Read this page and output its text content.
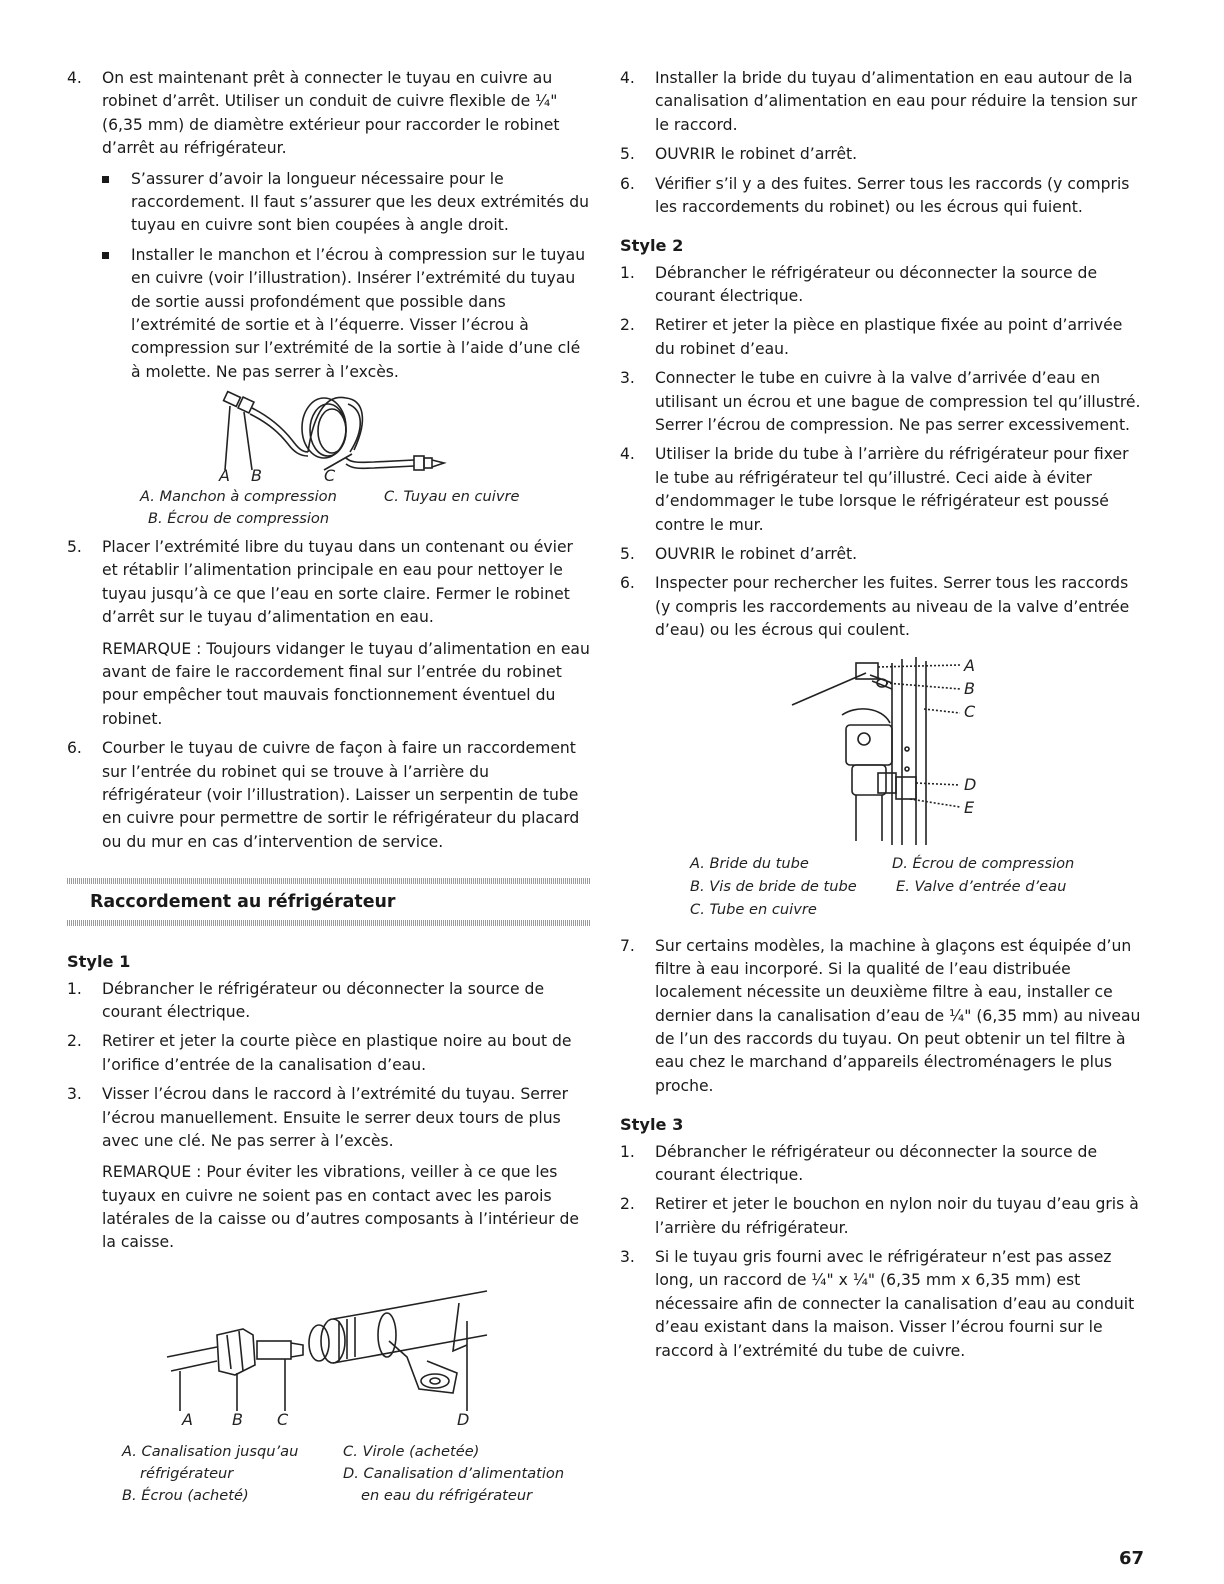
4. On est maintenant prêt à connecter le tuyau en cuivre au robinet d’arrêt. Utiliser un conduit de cuivre flexible de ¼" (6,35 mm) de diamètre extérieur pour raccorder le robinet d’arrêt au réfrigérateur.

S’assurer d’avoir la longueur nécessaire pour le raccordement. Il faut s’assurer que les deux extrémités du tuyau en cuivre sont bien coupées à angle droit.
Installer le manchon et l’écrou à compression sur le tuyau en cuivre (voir l’illustration). Insérer l’extrémité du tuyau de sortie aussi profondément que possible dans l’extrémité de sortie et à l’équerre. Visser l’écrou à compression sur l’extrémité de la sortie à l’aide d’une clé à molette. Ne pas serrer à l’excès.
A B	C
A. Manchon à compression
B. Écrou de compression
C. Tuyau en cuivre
5. Placer l’extrémité libre du tuyau dans un contenant ou évier et rétablir l’alimentation principale en eau pour nettoyer le tuyau jusqu’à ce que l’eau en sorte claire. Fermer le robinet d’arrêt sur le tuyau d’alimentation en eau.

REMARQUE : Toujours vidanger le tuyau d’alimentation en eau avant de faire le raccordement final sur l’entrée du robinet pour empêcher tout mauvais fonctionnement éventuel du robinet.

6. Courber le tuyau de cuivre de façon à faire un raccordement sur l’entrée du robinet qui se trouve à l’arrière du réfrigérateur (voir l’illustration). Laisser un serpentin de tube en cuivre pour permettre de sortir le réfrigérateur du placard ou du mur en cas d’intervention de service.

Raccordement au réfrigérateur
Style 1
1. Débrancher le réfrigérateur ou déconnecter la source de courant électrique.

2. Retirer et jeter la courte pièce en plastique noire au bout de l’orifice d’entrée de la canalisation d’eau.

3. Visser l’écrou dans le raccord à l’extrémité du tuyau. Serrer l’écrou manuellement. Ensuite le serrer deux tours de plus avec une clé. Ne pas serrer à l’excès.

REMARQUE : Pour éviter les vibrations, veiller à ce que les tuyaux en cuivre ne soient pas en contact avec les parois latérales de la caisse ou d’autres composants à l’intérieur de la caisse.

A B C	D
A. Canalisation jusqu’au
réfrigérateur
B. Écrou (acheté)
C. Virole (achetée)
D. Canalisation d’alimentation
en eau du réfrigérateur
4. Installer la bride du tuyau d’alimentation en eau autour de la canalisation d’alimentation en eau pour réduire la tension sur le raccord.

5. OUVRIR le robinet d’arrêt.

6. Vérifier s’il y a des fuites. Serrer tous les raccords (y compris les raccordements du robinet) ou les écrous qui fuient.

Style 2
1. Débrancher le réfrigérateur ou déconnecter la source de courant électrique.

2. Retirer et jeter la pièce en plastique fixée au point d’arrivée du robinet d’eau.

3. Connecter le tube en cuivre à la valve d’arrivée d’eau en utilisant un écrou et une bague de compression tel qu’illustré. Serrer l’écrou de compression. Ne pas serrer excessivement.

4. Utiliser la bride du tube à l’arrière du réfrigérateur pour fixer le tube au réfrigérateur tel qu’illustré. Ceci aide à éviter d’endommager le tube lorsque le réfrigérateur est poussé contre le mur.

5. OUVRIR le robinet d’arrêt.

6. Inspecter pour rechercher les fuites. Serrer tous les raccords (y compris les raccordements au niveau de la valve d’entrée d’eau) ou les écrous qui coulent.

A
B
C
D
E
A. Bride du tube
B. Vis de bride de tube
C. Tube en cuivre
D. Écrou de compression
E. Valve d’entrée d’eau
7. Sur certains modèles, la machine à glaçons est équipée d’un filtre à eau incorporé. Si la qualité de l’eau distribuée localement nécessite un deuxième filtre à eau, installer ce dernier dans la canalisation d’eau de ¼" (6,35 mm) au niveau de l’un des raccords du tuyau. On peut obtenir un tel filtre à eau chez le marchand d’appareils électroménagers le plus proche.

Style 3
1. Débrancher le réfrigérateur ou déconnecter la source de courant électrique.

2. Retirer et jeter le bouchon en nylon noir du tuyau d’eau gris à l’arrière du réfrigérateur.

3. Si le tuyau gris fourni avec le réfrigérateur n’est pas assez long, un raccord de ¼" x ¼" (6,35 mm x 6,35 mm) est nécessaire afin de connecter la canalisation d’eau au conduit d’eau existant dans la maison. Visser l’écrou fourni sur le raccord à l’extrémité du tube de cuivre.

67
